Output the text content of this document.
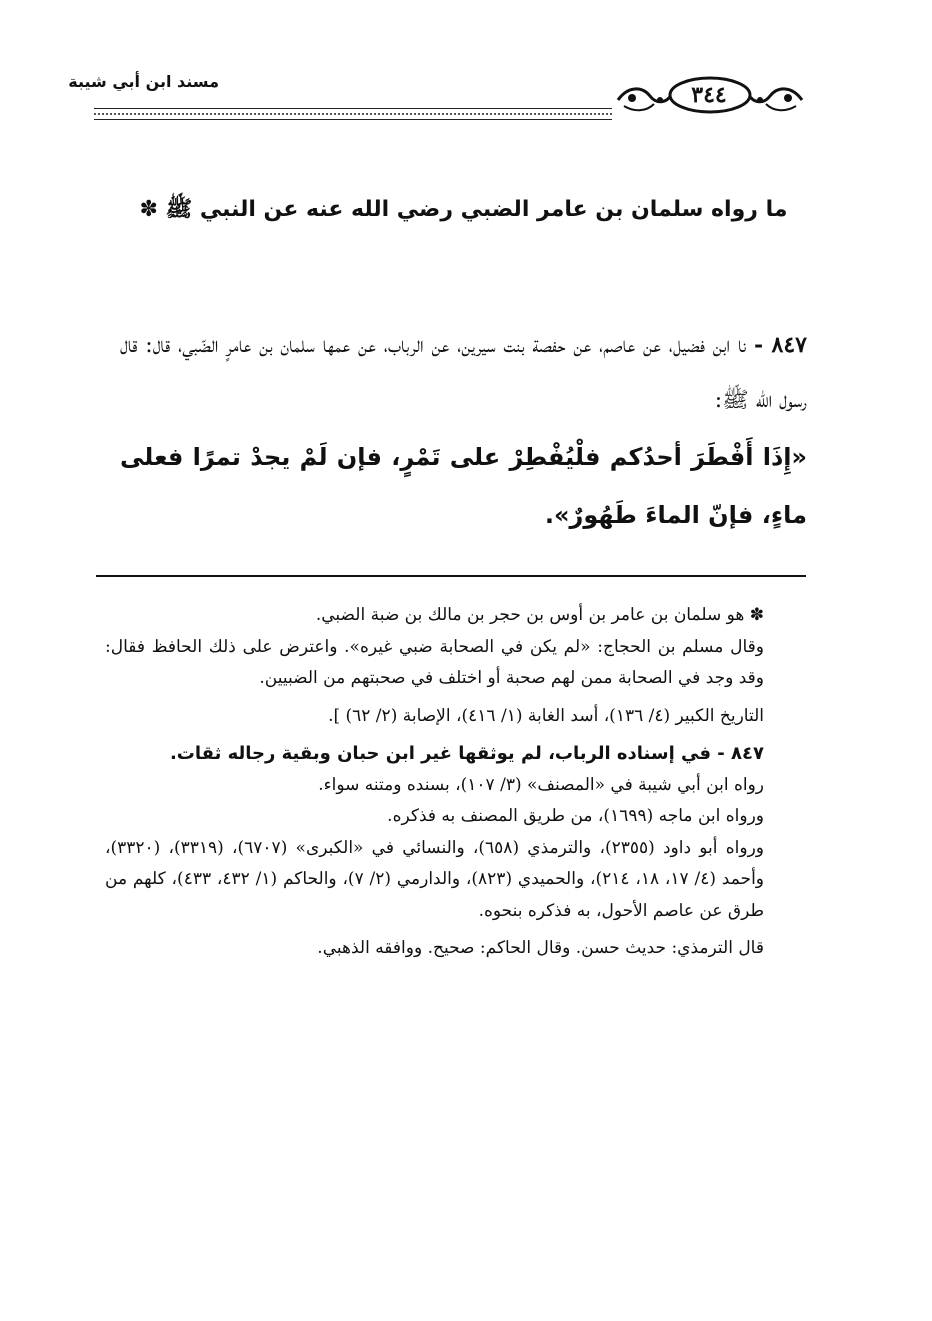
مسند ابن أبي شيبة
٣٤٤
ما رواه سلمان بن عامر الضبي رضي الله عنه عن النبي ﷺ ✽
٨٤٧ - نا ابن فضيل، عن عاصم، عن حفصة بنت سيرين، عن الرباب، عن عمها سلمان بن عامرٍ الضّبي، قال: قال رسول الله ﷺ:
«إِذَا أَفْطَرَ أحدُكم فلْيُفْطِرْ على تَمْرٍ، فإن لَمْ يجدْ تمرًا فعلى ماءٍ، فإنّ الماءَ طَهُورٌ».

✽ هو سلمان بن عامر بن أوس بن حجر بن مالك بن ضبة الضبي.

وقال مسلم بن الحجاج: «لم يكن في الصحابة ضبي غيره». واعترض على ذلك الحافظ فقال: وقد وجد في الصحابة ممن لهم صحبة أو اختلف في صحبتهم من الضبيين.

التاريخ الكبير (٤/ ١٣٦)، أسد الغابة (١/ ٤١٦)، الإصابة (٢/ ٦٢) ].

٨٤٧ - في إسناده الرباب، لم يوثقها غير ابن حبان وبقية رجاله ثقات.

رواه ابن أبي شيبة في «المصنف» (٣/ ١٠٧)، بسنده ومتنه سواء.

ورواه ابن ماجه (١٦٩٩)، من طريق المصنف به فذكره.

ورواه أبو داود (٢٣٥٥)، والترمذي (٦٥٨)، والنسائي في «الكبرى» (٦٧٠٧)، (٣٣١٩)، (٣٣٢٠)، وأحمد (٤/ ١٧، ١٨، ٢١٤)، والحميدي (٨٢٣)، والدارمي (٢/ ٧)، والحاكم (١/ ٤٣٢، ٤٣٣)، كلهم من طرق عن عاصم الأحول، به فذكره بنحوه.

قال الترمذي: حديث حسن. وقال الحاكم: صحيح. ووافقه الذهبي.
